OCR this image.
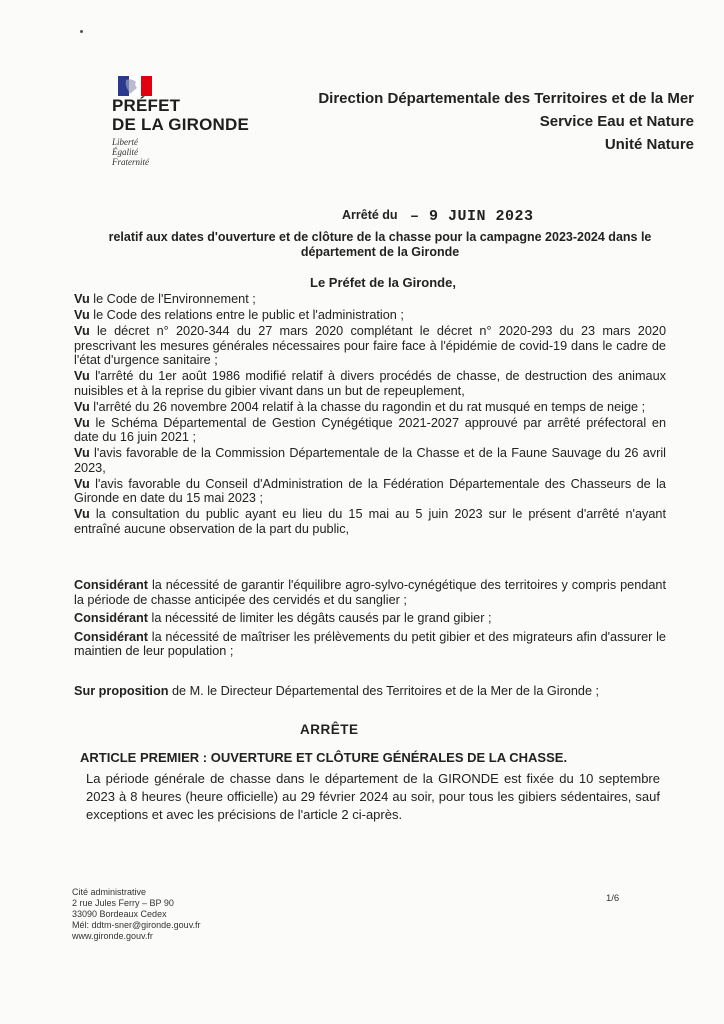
PRÉFET
DE LA GIRONDE
Liberté
Égalité
Fraternité
Direction Départementale des Territoires et de la Mer
Service Eau et Nature
Unité Nature
Arrêté du – 9 JUIN 2023
relatif aux dates d'ouverture et de clôture de la chasse pour la campagne 2023-2024 dans le département de la Gironde
Le Préfet de la Gironde,
Vu le Code de l'Environnement ;
Vu le Code des relations entre le public et l'administration ;
Vu le décret n° 2020-344 du 27 mars 2020 complétant le décret n° 2020-293 du 23 mars 2020 prescrivant les mesures générales nécessaires pour faire face à l'épidémie de covid-19 dans le cadre de l'état d'urgence sanitaire ;
Vu l'arrêté du 1er août 1986 modifié relatif à divers procédés de chasse, de destruction des animaux nuisibles et à la reprise du gibier vivant dans un but de repeuplement,
Vu l'arrêté du 26 novembre 2004 relatif à la chasse du ragondin et du rat musqué en temps de neige ;
Vu le Schéma Départemental de Gestion Cynégétique 2021-2027 approuvé par arrêté préfectoral en date du 16 juin 2021 ;
Vu l'avis favorable de la Commission Départementale de la Chasse et de la Faune Sauvage du 26 avril 2023,
Vu l'avis favorable du Conseil d'Administration de la Fédération Départementale des Chasseurs de la Gironde en date du 15 mai 2023 ;
Vu la consultation du public ayant eu lieu du 15 mai au 5 juin 2023 sur le présent d'arrêté n'ayant entraîné aucune observation de la part du public,
Considérant la nécessité de garantir l'équilibre agro-sylvo-cynégétique des territoires y compris pendant la période de chasse anticipée des cervidés et du sanglier ;
Considérant la nécessité de limiter les dégâts causés par le grand gibier ;
Considérant la nécessité de maîtriser les prélèvements du petit gibier et des migrateurs afin d'assurer le maintien de leur population ;
Sur proposition de M. le Directeur Départemental des Territoires et de la Mer de la Gironde ;
ARRÊTE
ARTICLE PREMIER : OUVERTURE ET CLÔTURE GÉNÉRALES DE LA CHASSE.
La période générale de chasse dans le département de la GIRONDE est fixée du 10 septembre 2023 à 8 heures (heure officielle) au 29 février 2024 au soir, pour tous les gibiers sédentaires, sauf exceptions et avec les précisions de l'article 2 ci-après.
Cité administrative
2 rue Jules Ferry – BP 90
33090 Bordeaux Cedex
Mél: ddtm-sner@gironde.gouv.fr
www.gironde.gouv.fr
1/6
